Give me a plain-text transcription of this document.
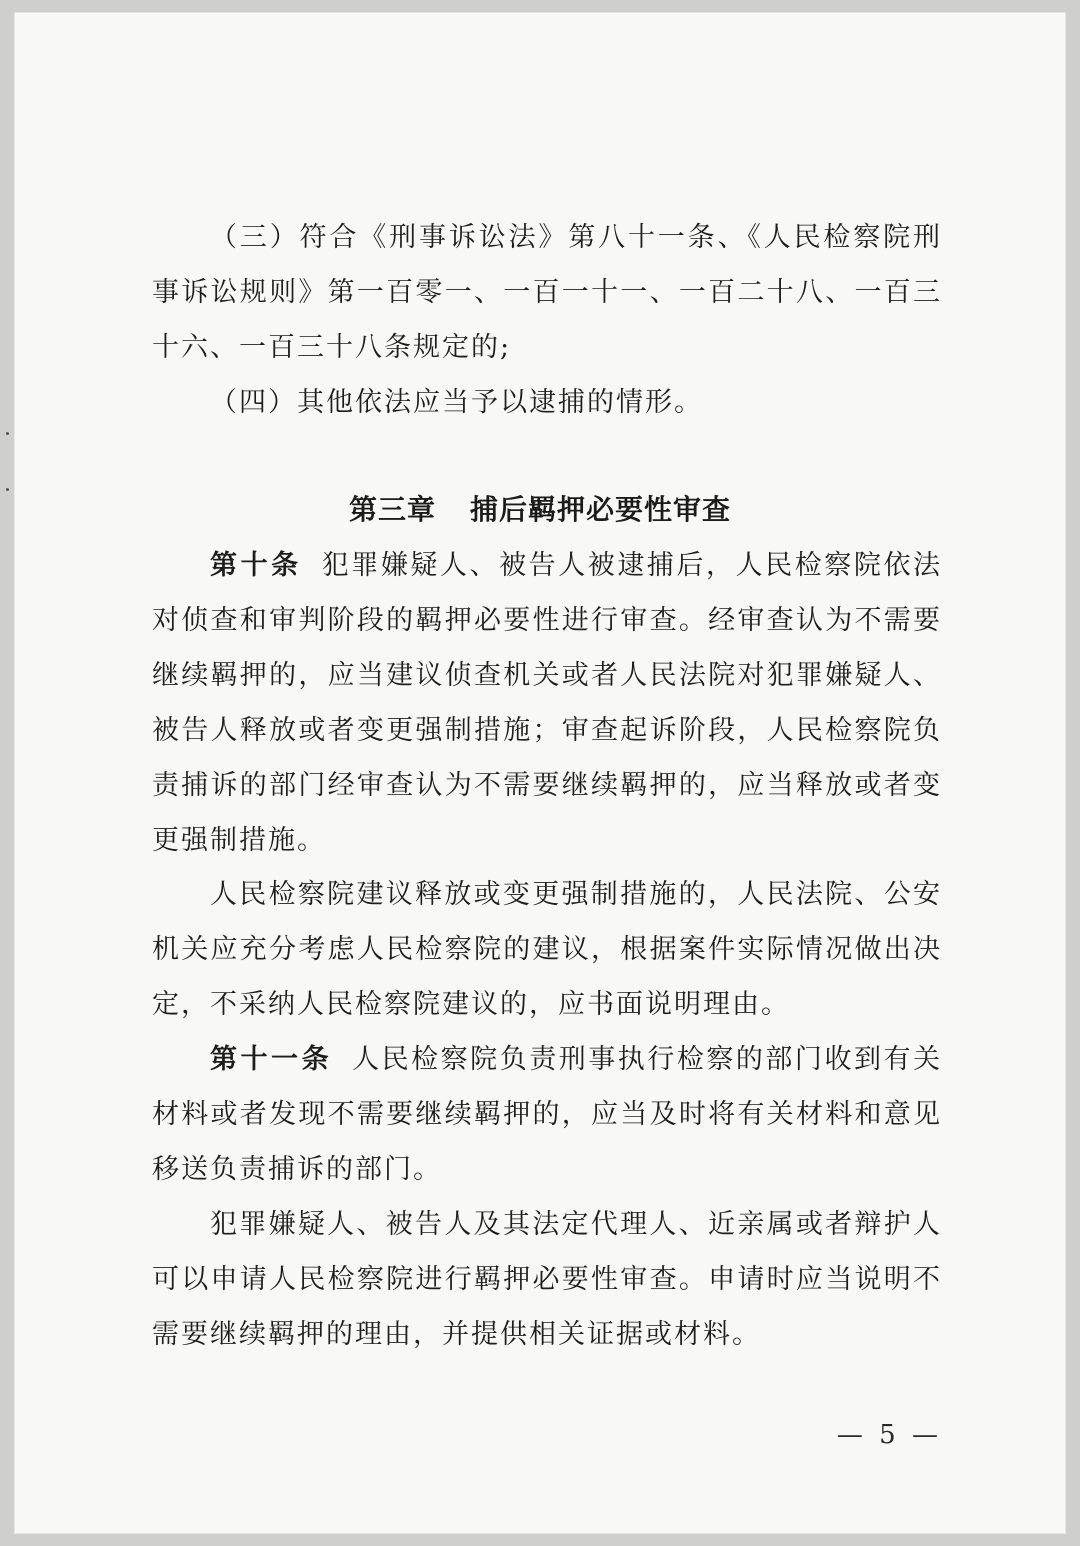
（三）符合《刑事诉讼法》第八十一条、《人民检察院刑事诉讼规则》第一百零一、一百一十一、一百二十八、一百三十六、一百三十八条规定的;

（四）其他依法应当予以逮捕的情形。

第三章 捕后羁押必要性审查

第十条 犯罪嫌疑人、被告人被逮捕后，人民检察院依法对侦查和审判阶段的羁押必要性进行审查。经审查认为不需要继续羁押的，应当建议侦查机关或者人民法院对犯罪嫌疑人、被告人释放或者变更强制措施；审查起诉阶段，人民检察院负责捕诉的部门经审查认为不需要继续羁押的，应当释放或者变更强制措施。

人民检察院建议释放或变更强制措施的，人民法院、公安机关应充分考虑人民检察院的建议，根据案件实际情况做出决定，不采纳人民检察院建议的，应书面说明理由。

第十一条 人民检察院负责刑事执行检察的部门收到有关材料或者发现不需要继续羁押的，应当及时将有关材料和意见移送负责捕诉的部门。

犯罪嫌疑人、被告人及其法定代理人、近亲属或者辩护人可以申请人民检察院进行羁押必要性审查。申请时应当说明不需要继续羁押的理由，并提供相关证据或材料。

— 5 —
